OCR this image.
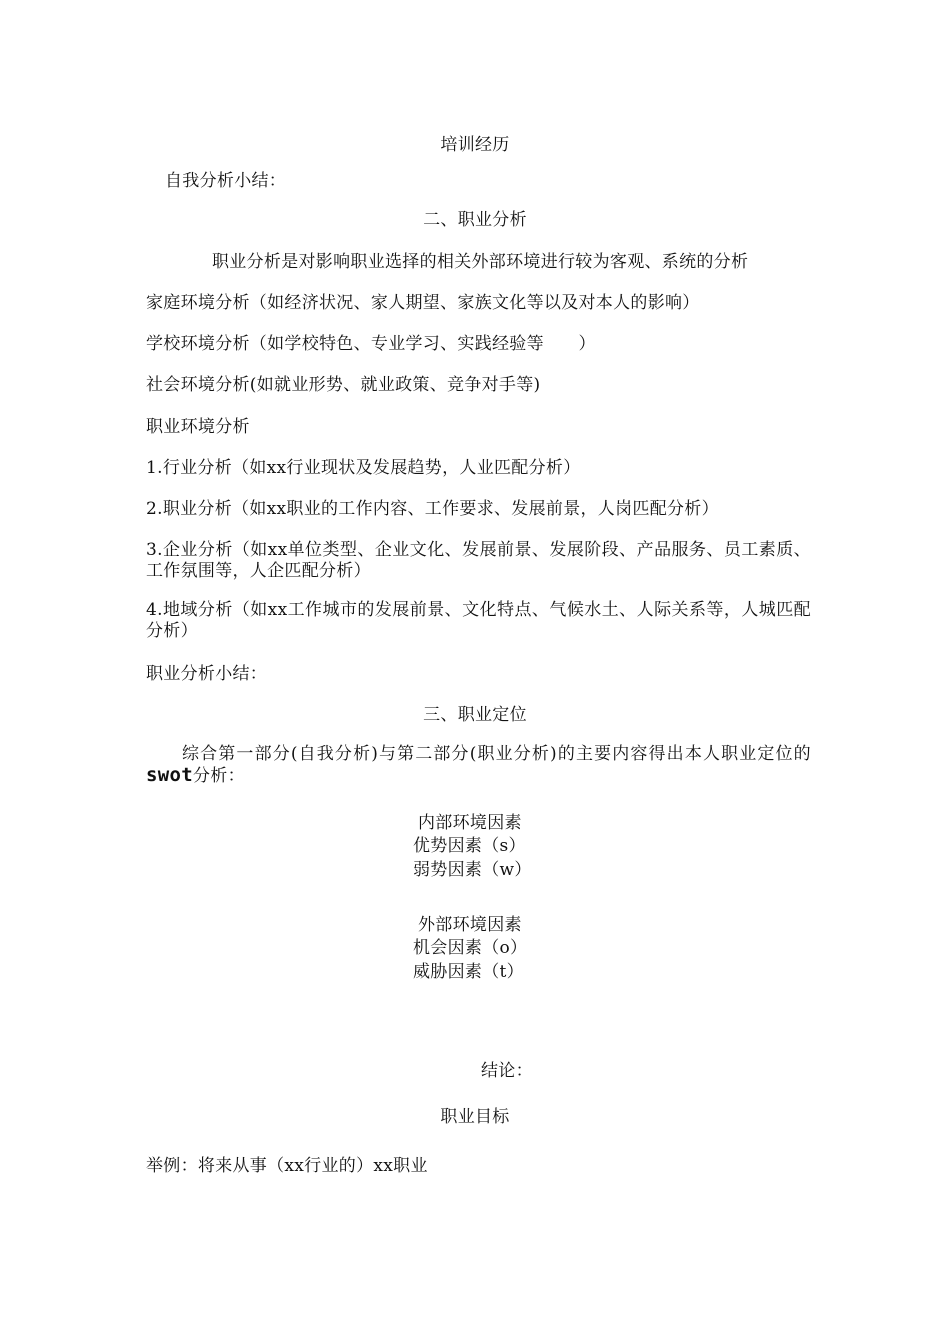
培训经历
自我分析小结：
二、职业分析
职业分析是对影响职业选择的相关外部环境进行较为客观、系统的分析
家庭环境分析（如经济状况、家人期望、家族文化等以及对本人的影响）
学校环境分析（如学校特色、专业学习、实践经验等　　）
社会环境分析(如就业形势、就业政策、竞争对手等)
职业环境分析
1.行业分析（如xx行业现状及发展趋势，人业匹配分析）
2.职业分析（如xx职业的工作内容、工作要求、发展前景，人岗匹配分析）
3.企业分析（如xx单位类型、企业文化、发展前景、发展阶段、产品服务、员工素质、工作氛围等，人企匹配分析）
4.地域分析（如xx工作城市的发展前景、文化特点、气候水土、人际关系等，人城匹配分析）
职业分析小结：
三、职业定位
综合第一部分(自我分析)与第二部分(职业分析)的主要内容得出本人职业定位的swot分析：
内部环境因素
优势因素（s）
弱势因素（w）
外部环境因素
机会因素（o）
威胁因素（t）
结论：
职业目标
举例：将来从事（xx行业的）xx职业
